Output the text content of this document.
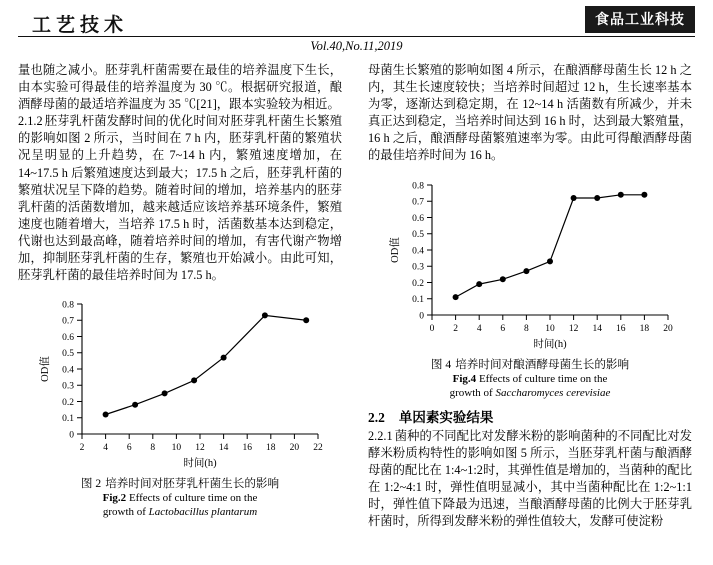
工艺技术	食品工业科技
Vol.40,No.11,2019

量也随之减小。胚芽乳杆菌需要在最佳的培养温度下生长，由本实验可得最佳的培养温度为 30 ℃。根据研究报道，酿酒酵母菌的最适培养温度为 35 ℃[21]，跟本实验较为相近。

2.1.2 胚芽乳杆菌发酵时间的优化时间对胚芽乳杆菌生长繁殖的影响如图 2 所示，当时间在 7 h 内，胚芽乳杆菌的繁殖状况呈明显的上升趋势，在 7~14 h 内，繁殖速度增加，在 14~17.5 h 后繁殖速度达到最大；17.5 h 之后，胚芽乳杆菌的繁殖状况呈下降的趋势。随着时间的增加，培养基内的胚芽乳杆菌的活菌数增加，越来越适应该培养基环境条件，繁殖速度也随着增大，当培养 17.5 h 时，活菌数基本达到稳定，代谢也达到最高峰，随着培养时间的增加，有害代谢产物增加，抑制胚芽乳杆菌的生存，繁殖也开始减小。由此可知，胚芽乳杆菌的最佳培养时间为 17.5 h。

0
0.1
0.2
0.3
0.4
0.5
0.6
0.7
0.8
2 4 6 8 10 12 14 16 18 20 22
时间(h)
OD值
图 2 培养时间对胚芽乳杆菌生长的影响
Fig.2 Effects of culture time on the
growth of Lactobacillus plantarum

母菌生长繁殖的影响如图 4 所示，在酿酒酵母菌生长 12 h 之内，其生长速度较快；当培养时间超过 12 h，生长速率基本为零，逐渐达到稳定期，在 12~14 h 活菌数有所减少，并未真正达到稳定，当培养时间达到 16 h 时，达到最大繁殖量，16 h 之后，酿酒酵母菌繁殖速率为零。由此可得酿酒酵母菌的最佳培养时间为 16 h。

0
0.1
0.2
0.3
0.4
0.5
0.6
0.7
0.8
0 2 4 6 8 10 12 14 16 18 20
时间(h)
OD值
图 4 培养时间对酿酒酵母菌生长的影响
Fig.4 Effects of culture time on the
growth of Saccharomyces cerevisiae
2.2 单因素实验结果

2.2.1 菌种的不同配比对发酵米粉的影响菌种的不同配比对发酵米粉质构特性的影响如图 5 所示，当胚芽乳杆菌与酿酒酵母菌的配比在 1:4~1:2时，其弹性值是增加的，当菌种的配比在 1:2~4:1 时，弹性值明显减小，其中当菌种配比在 1:2~1:1 时，弹性值下降最为迅速，当酿酒酵母菌的比例大于胚芽乳杆菌时，所得到发酵米粉的弹性值较大，发酵可使淀粉
